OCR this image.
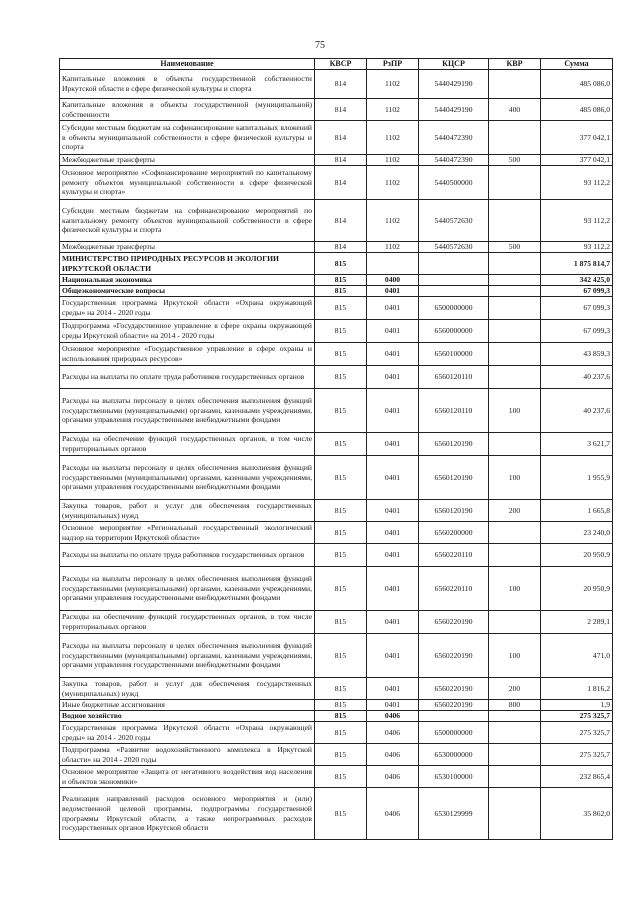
75
Наименование	КВСР	РзПР	КЦСР	КВР	Сумма
Капитальные вложения в объекты государственной собственности Иркутской области в сфере физической культуры и спорта	814	1102	5440429190		485 086,0
Капитальные вложения в объекты государственной (муниципальной) собственности	814	1102	5440429190	400	485 086,0
Субсидии местным бюджетам на софинансирование капитальных вложений в объекты муниципальной собственности в сфере физической культуры и спорта	814	1102	5440472390		377 042,1
Межбюджетные трансферты	814	1102	5440472390	500	377 042,1
Основное мероприятие «Софинансирование мероприятий по капитальному ремонту объектов муниципальной собственности в сфере физической культуры и спорта»	814	1102	5440500000		93 112,2
Субсидии местным бюджетам на софинансирование мероприятий по капитальному ремонту объектов муниципальной собственности в сфере физической культуры и спорта	814	1102	5440572630		93 112,2
Межбюджетные трансферты	814	1102	5440572630	500	93 112,2
МИНИСТЕРСТВО ПРИРОДНЫХ РЕСУРСОВ И ЭКОЛОГИИ ИРКУТСКОЙ ОБЛАСТИ	815				1 875 814,7
Национальная экономика	815	0400			342 425,0
Общеэкономические вопросы	815	0401			67 099,3
Государственная программа Иркутской области «Охрана окружающей среды» на 2014 - 2020 годы	815	0401	6500000000		67 099,3
Подпрограмма «Государственное управление в сфере охраны окружающей среды Иркутской области» на 2014 - 2020 годы	815	0401	6560000000		67 099,3
Основное мероприятие «Государственное управление в сфере охраны и использования природных ресурсов»	815	0401	6560100000		43 859,3
Расходы на выплаты по оплате труда работников государственных органов	815	0401	6560120110		40 237,6
Расходы на выплаты персоналу в целях обеспечения выполнения функций государственными (муниципальными) органами, казенными учреждениями, органами управления государственными внебюджетными фондами	815	0401	6560120110	100	40 237,6
Расходы на обеспечение функций государственных органов, в том числе территориальных органов	815	0401	6560120190		3 621,7
Расходы на выплаты персоналу в целях обеспечения выполнения функций государственными (муниципальными) органами, казенными учреждениями, органами управления государственными внебюджетными фондами	815	0401	6560120190	100	1 955,9
Закупка товаров, работ и услуг для обеспечения государственных (муниципальных) нужд	815	0401	6560120190	200	1 665,8
Основное мероприятие «Региональный государственный экологический надзор на территории Иркутской области»	815	0401	6560200000		23 240,0
Расходы на выплаты по оплате труда работников государственных органов	815	0401	6560220110		20 950,9
Расходы на выплаты персоналу в целях обеспечения выполнения функций государственными (муниципальными) органами, казенными учреждениями, органами управления государственными внебюджетными фондами	815	0401	6560220110	100	20 950,9
Расходы на обеспечение функций государственных органов, в том числе территориальных органов	815	0401	6560220190		2 289,1
Расходы на выплаты персоналу в целях обеспечения выполнения функций государственными (муниципальными) органами, казенными учреждениями, органами управления государственными внебюджетными фондами	815	0401	6560220190	100	471,0
Закупка товаров, работ и услуг для обеспечения государственных (муниципальных) нужд	815	0401	6560220190	200	1 816,2
Иные бюджетные ассигнования	815	0401	6560220190	800	1,9
Водное хозяйство	815	0406			275 325,7
Государственная программа Иркутской области «Охрана окружающей среды» на 2014 - 2020 годы	815	0406	6500000000		275 325,7
Подпрограмма «Развитие водохозяйственного комплекса в Иркутской области» на 2014 - 2020 годы	815	0406	6530000000		275 325,7
Основное мероприятие «Защита от негативного воздействия вод населения и объектов экономики»	815	0406	6530100000		232 865,4
Реализация направлений расходов основного мероприятия и (или) ведомственной целевой программы, подпрограммы государственной программы Иркутской области, а также непрограммных расходов государственных органов Иркутской области	815	0406	6530129999		35 862,0
